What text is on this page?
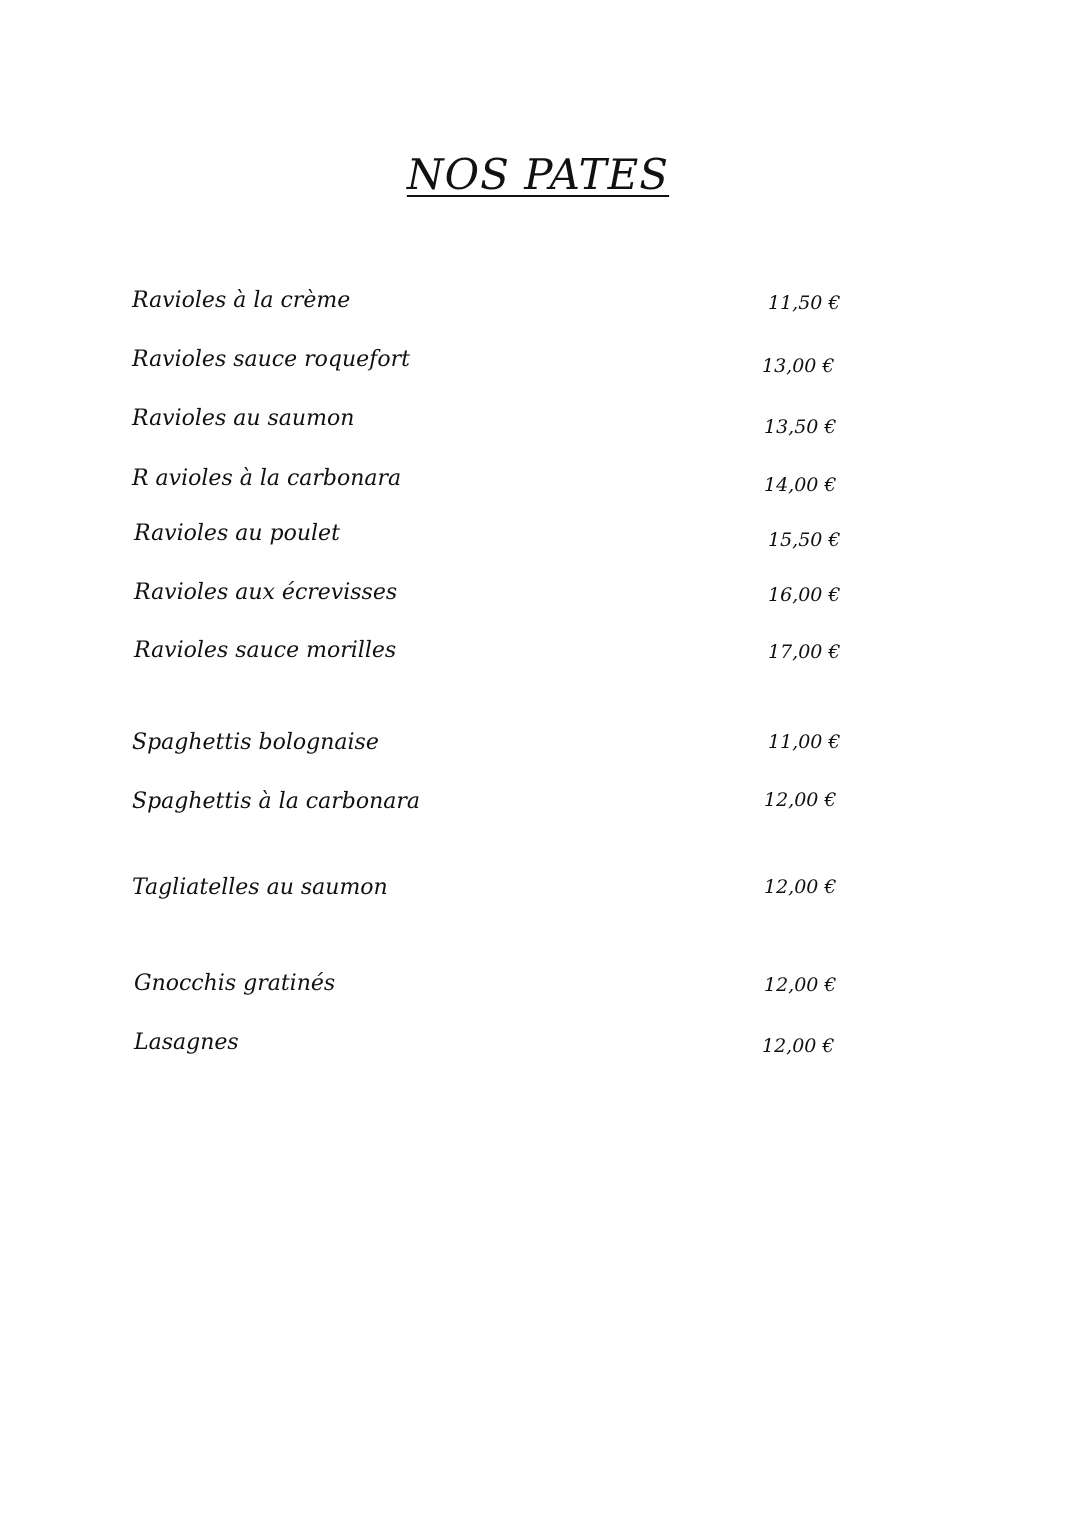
NOS PATES
Ravioles à la crème	11,50 €
Ravioles sauce roquefort	13,00 €
Ravioles au saumon	13,50 €
R avioles à la carbonara	14,00 €
Ravioles au poulet	15,50 €
Ravioles aux écrevisses	16,00 €
Ravioles sauce morilles	17,00 €
Spaghettis bolognaise	11,00 €
Spaghettis à la carbonara	12,00 €
Tagliatelles au saumon	12,00 €
Gnocchis gratinés	12,00 €
Lasagnes	12,00 €
